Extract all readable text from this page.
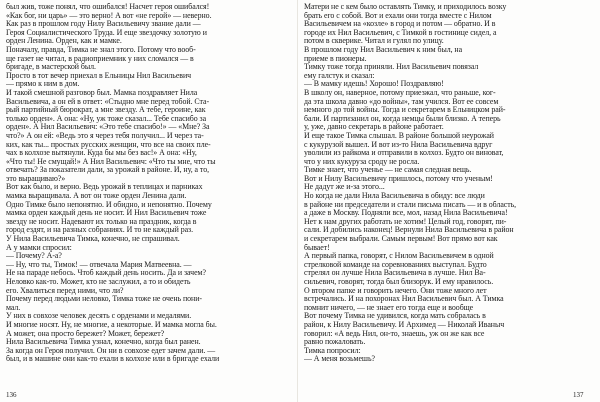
был жив, тоже понял, что ошибался! Насчет героя ошибался!
«Как бог, ни царь» — это верно! А вот «не герой» — неверно.
Как раз в прошлом году Нилу Васильевичу звание дали —
Героя Социалистического Труда. И еще звездочку золотую и
орден Ленина. Орден, как и мамке.
Поначалу, правда, Тимка не знал этого. Потому что вооб-
ще газет не читал, в радиоприемник у них сломался — в
бригаде, в мастерской был.
Просто в тот вечер приехал в Ельницы Нил Васильевич
— прямо к ним в дом.
И такой смешной разговор был. Мамка поздравляет Нила
Васильевича, а он ей в ответ: «Стыдно мне перед тобой. Ста-
рый партийный бюрократ, а мне звезду. А тебе, героине, как
только орден». А она: «Ну, уж тоже сказал... Тебе спасибо за
орден». А Нил Васильевич: «Это тебе спасибо!» — «Мне? За
что?» А он ей: «Ведь это я через тебя получил... И через та-
ких, как ты... простых русских женщин, что все на своих пле-
чах в колхозе вытянули. Куда бы мы без вас!» А она: «Ну,
«Что ты! Не смущай!» А Нил Васильевич: «Что ты мне, что ты
отвечать? За показатели дали, за урожай в районе. И, ну, а то,
это выращиваю?»
Вот как было, и верно. Ведь урожай в теплицах и парниках
мамка выращивала. А вот он тоже орден Ленина дали.
Одно Тимке было непонятно. И обидно, и непонятно. Почему
мамка орден каждый день не носит. И Нил Васильевич тоже
звезду не носит. Надевают их только на праздник, когда в
город ездят, и на разных собраниях. И то не каждый раз.
У Нила Васильевича Тимка, конечно, не спрашивал.
А у мамки спросил:
— Почему? А-а?
— Ну, что ты, Тимок! — отвечала Мария Матвеевна. —
Не на параде небось. Чтоб каждый день носить. Да и зачем?
Неловко как-то. Может, кто не заслужил, а то и обидеть
его. Хвалиться перед ними, что ли?
Почему перед людьми неловко, Тимка тоже не очень пони-
мал.
У них в совхозе человек десять с орденами и медалями.
И многие носят. Ну, не многие, а некоторые. И мамка могла бы.
А может, она просто бережет? Может, бережет?
Нила Васильевича Тимка узнал, конечно, когда был ранен.
За когда он Героя получил. Он ни в совхозе едет зачем дали. —
был, и в машине они как-то ехали в колхозе или в бригаде ехали
Матери не с кем было оставлять Тимку, и приходилось возку
брать его с собой. Вот и ехали они тогда вместе с Нилом
Васильевичем на «козле» в город и потом — обратно. И в
городе их Нил Васильевич, с Тимкой в гостинице сидел, а
потом в скверике. Читал и гулял по улицу.
В прошлом году Нил Васильевич к ним был, на
приеме в пионеры.
Тимку тоже тогда приняли. Нил Васильевич повязал
ему галстук и сказал:
— В мамку идешь! Хорошо! Поздравляю!
В школу он, наверное, потому приезжал, что раньше, ког-
да эта школа давно «до войны», там учился. Вот ее совсем
немного до той войны. Тогда и секретарем в Ельницком рай-
бали. И партизанил он, когда немцы были близко. А теперь
у, уже, давно секретарь в районе работает.
И еще такое Тимка слышал. В районе большой неурожай
с кукурузой вышел. И вот из-то Нила Васильевича вдруг
уволили из райкома и отправили в колхоз. Будто он виноват,
что у них кукуруза сроду не росла.
Тимке знает, что ученье — не самая следная вещь.
Вот и Нилу Васильевичу пришлось, потому что ученым!
Не дадут же и-за этого...
Но когда не дали Нила Васильевича в обиду: все люди
в районе ни председатели и стали письма писать — и в область,
а даже в Москву. Подняли все, мол, назад Нила Васильевича!
Нет к нам других работать не хотим! Целый год, говорят, пи-
сали. И добились наконец! Вернули Нила Васильевича в район
и секретарем выбрали. Самым первым! Вот прямо вот как
бывает!
А первый папка, говорят, с Нилом Васильевичем в одной
стрелковой команде на соревнованиях выступал. Будто
стрелял он лучше Нила Васильевича в лучше. Нил Ва-
сильевич, говорят, тогда был близорук. И ему нравилось.
О втором папке и говорить нечего. Они тоже много лет
встречались. И на похоронах Нил Васильевич был. А Тимка
помнит ничего, — не знает его тогда еще и вообще
Вот почему Тимка не удивился, когда мать собралась в
район, к Нилу Васильевичу. И Архимед — Николай Иваныч
говорил: «А ведь Нил, он-то, знаешь, уж он же как все
равно пожаловать.
Тимка попросил:
— А меня возьмешь?
136	137
